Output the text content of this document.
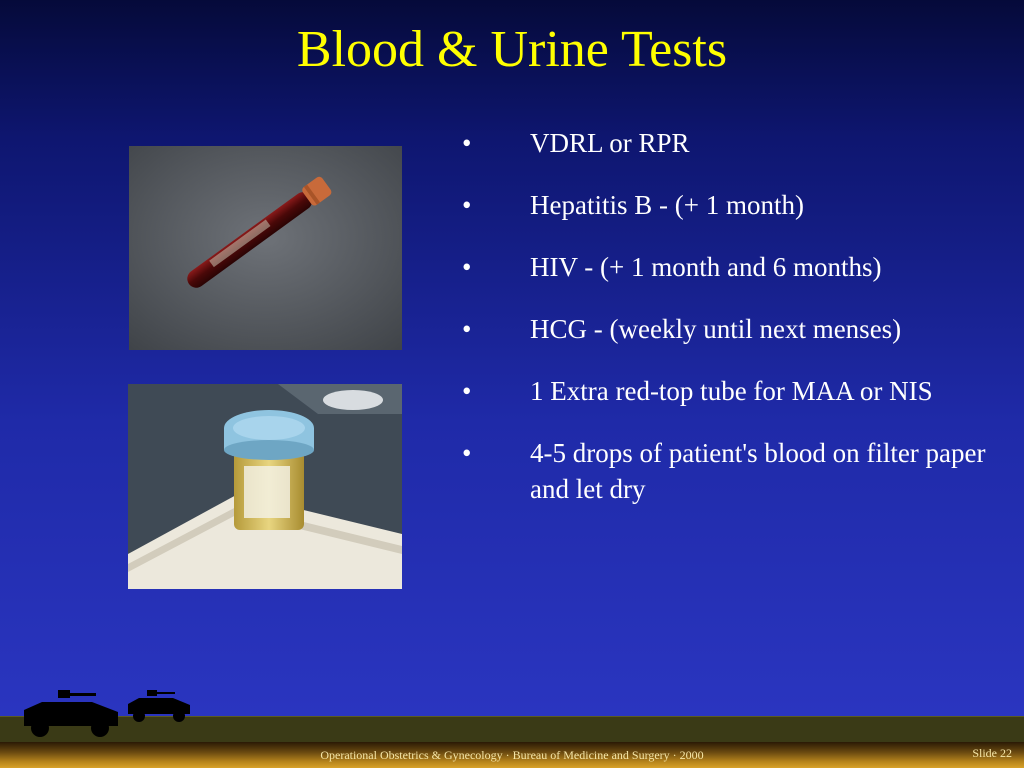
Blood & Urine Tests
• VDRL or RPR
• Hepatitis B - (+ 1 month)
• HIV - (+ 1 month and 6 months)
• HCG - (weekly until next menses)
• 1 Extra red-top tube for MAA or NIS
• 4-5 drops of patient's blood on filter paper and let dry
Operational Obstetrics & Gynecology · Bureau of Medicine and Surgery · 2000	Slide 22
